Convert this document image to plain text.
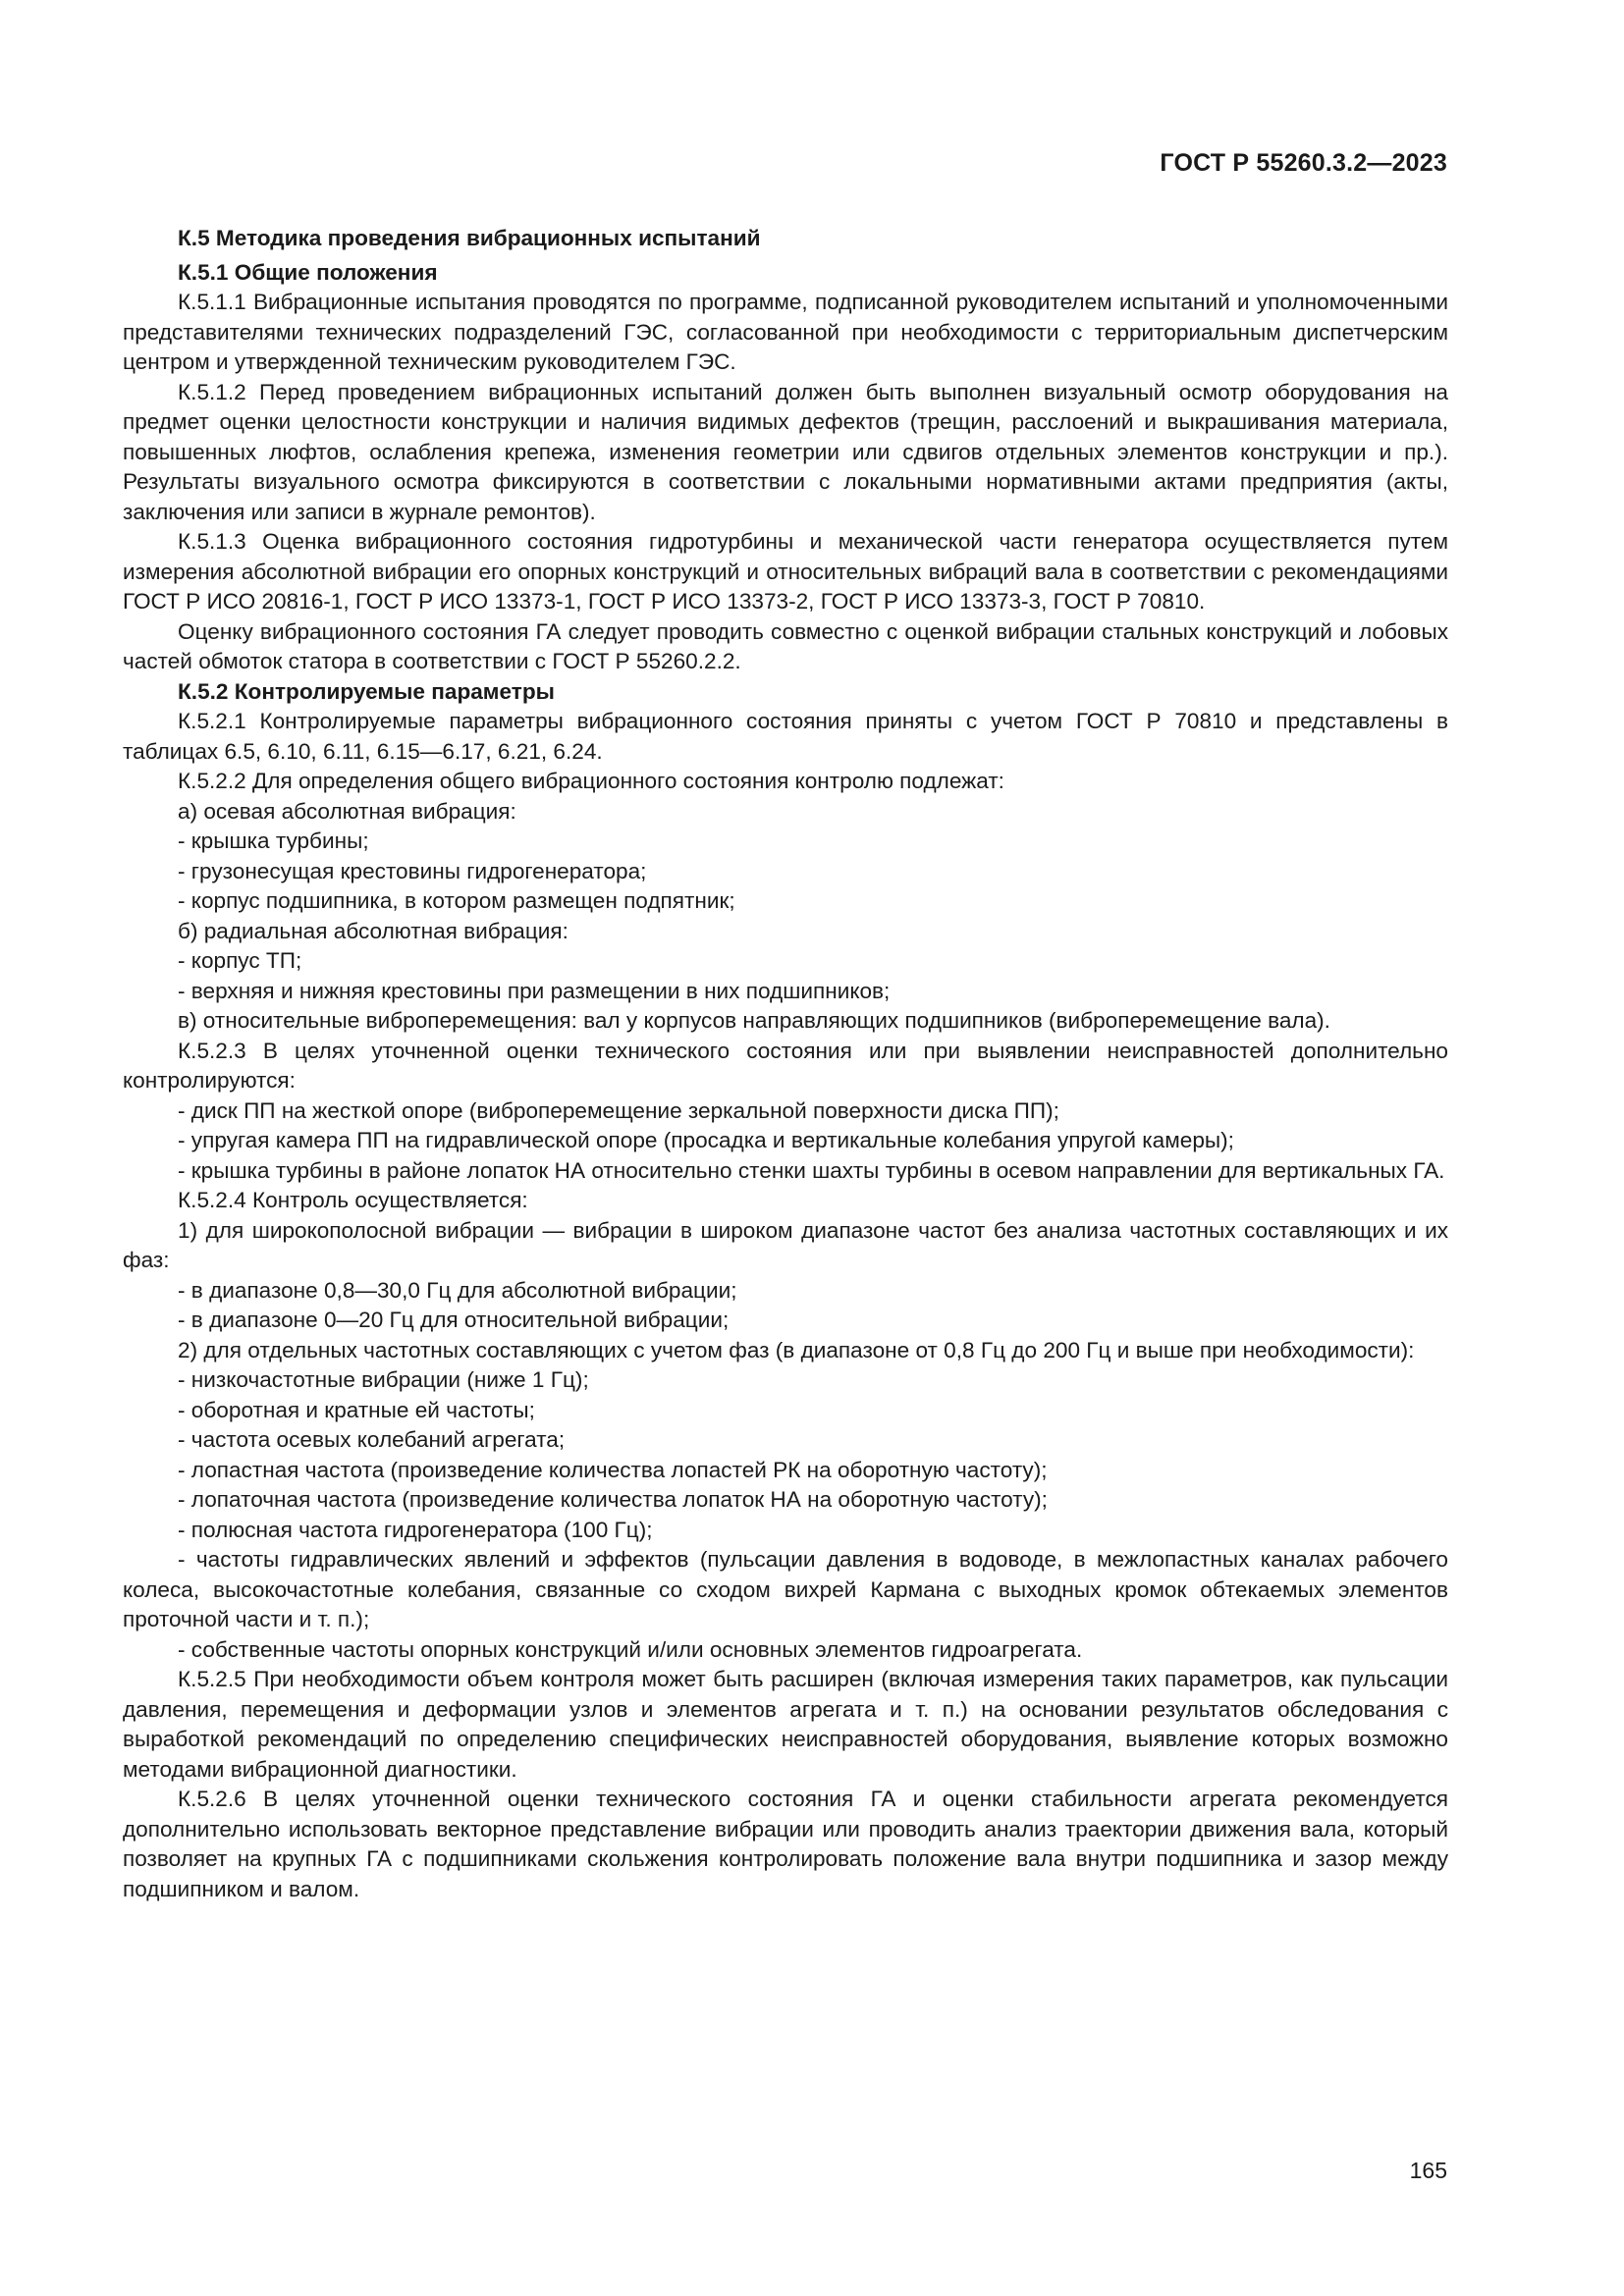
ГОСТ Р 55260.3.2—2023

К.5 Методика проведения вибрационных испытаний

К.5.1 Общие положения

К.5.1.1 Вибрационные испытания проводятся по программе, подписанной руководителем испытаний и уполномоченными представителями технических подразделений ГЭС, согласованной при необходимости с территориальным диспетчерским центром и утвержденной техническим руководителем ГЭС.

К.5.1.2 Перед проведением вибрационных испытаний должен быть выполнен визуальный осмотр оборудования на предмет оценки целостности конструкции и наличия видимых дефектов (трещин, расслоений и выкрашивания материала, повышенных люфтов, ослабления крепежа, изменения геометрии или сдвигов отдельных элементов конструкции и пр.). Результаты визуального осмотра фиксируются в соответствии с локальными нормативными актами предприятия (акты, заключения или записи в журнале ремонтов).

К.5.1.3 Оценка вибрационного состояния гидротурбины и механической части генератора осуществляется путем измерения абсолютной вибрации его опорных конструкций и относительных вибраций вала в соответствии с рекомендациями ГОСТ Р ИСО 20816-1, ГОСТ Р ИСО 13373-1, ГОСТ Р ИСО 13373-2, ГОСТ Р ИСО 13373-3, ГОСТ Р 70810.

Оценку вибрационного состояния ГА следует проводить совместно с оценкой вибрации стальных конструкций и лобовых частей обмоток статора в соответствии с ГОСТ Р 55260.2.2.

К.5.2 Контролируемые параметры

К.5.2.1 Контролируемые параметры вибрационного состояния приняты с учетом ГОСТ Р 70810 и представлены в таблицах 6.5, 6.10, 6.11, 6.15—6.17, 6.21, 6.24.

К.5.2.2 Для определения общего вибрационного состояния контролю подлежат:

а) осевая абсолютная вибрация:

- крышка турбины;

- грузонесущая крестовины гидрогенератора;

- корпус подшипника, в котором размещен подпятник;

б) радиальная абсолютная вибрация:

- корпус ТП;

- верхняя и нижняя крестовины при размещении в них подшипников;

в) относительные виброперемещения: вал у корпусов направляющих подшипников (виброперемещение вала).

К.5.2.3 В целях уточненной оценки технического состояния или при выявлении неисправностей дополнительно контролируются:

- диск ПП на жесткой опоре (виброперемещение зеркальной поверхности диска ПП);

- упругая камера ПП на гидравлической опоре (просадка и вертикальные колебания упругой камеры);

- крышка турбины в районе лопаток НА относительно стенки шахты турбины в осевом направлении для вертикальных ГА.

К.5.2.4 Контроль осуществляется:

1) для широкополосной вибрации — вибрации в широком диапазоне частот без анализа частотных составляющих и их фаз:

- в диапазоне 0,8—30,0 Гц для абсолютной вибрации;

- в диапазоне 0—20 Гц для относительной вибрации;

2) для отдельных частотных составляющих с учетом фаз (в диапазоне от 0,8 Гц до 200 Гц и выше при необходимости):

- низкочастотные вибрации (ниже 1 Гц);

- оборотная и кратные ей частоты;

- частота осевых колебаний агрегата;

- лопастная частота (произведение количества лопастей РК на оборотную частоту);

- лопаточная частота (произведение количества лопаток НА на оборотную частоту);

- полюсная частота гидрогенератора (100 Гц);

- частоты гидравлических явлений и эффектов (пульсации давления в водоводе, в межлопастных каналах рабочего колеса, высокочастотные колебания, связанные со сходом вихрей Кармана с выходных кромок обтекаемых элементов проточной части и т. п.);

- собственные частоты опорных конструкций и/или основных элементов гидроагрегата.

К.5.2.5 При необходимости объем контроля может быть расширен (включая измерения таких параметров, как пульсации давления, перемещения и деформации узлов и элементов агрегата и т. п.) на основании результатов обследования с выработкой рекомендаций по определению специфических неисправностей оборудования, выявление которых возможно методами вибрационной диагностики.

К.5.2.6 В целях уточненной оценки технического состояния ГА и оценки стабильности агрегата рекомендуется дополнительно использовать векторное представление вибрации или проводить анализ траектории движения вала, который позволяет на крупных ГА с подшипниками скольжения контролировать положение вала внутри подшипника и зазор между подшипником и валом.

165
